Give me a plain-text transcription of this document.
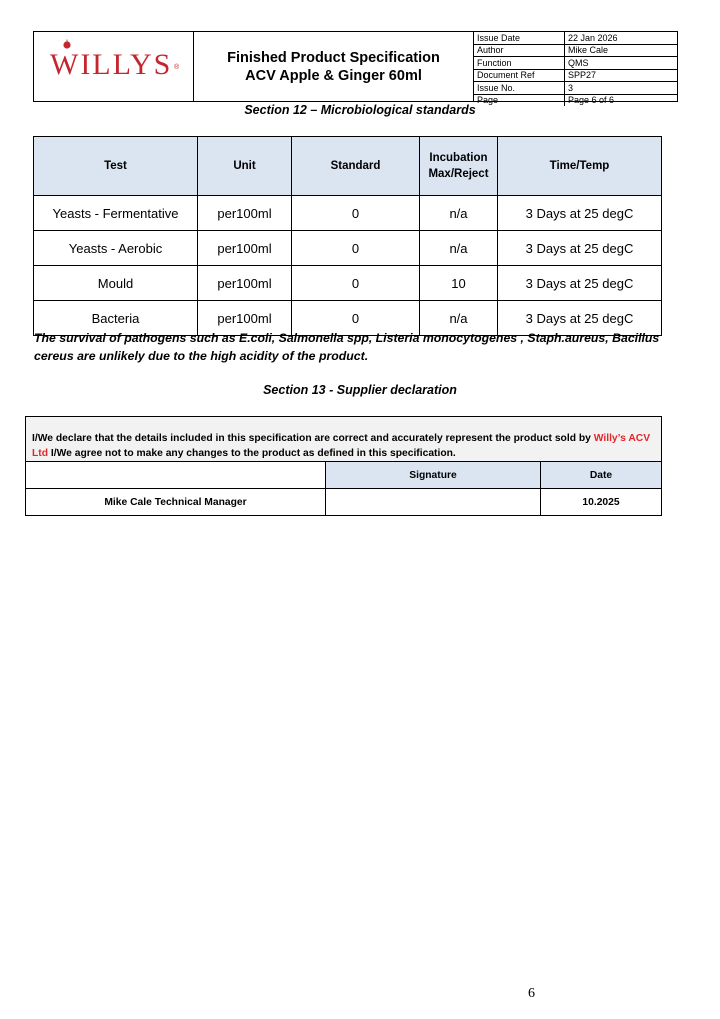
WILLYS ®
Finished Product Specification
ACV Apple & Ginger 60ml
Issue Date	22 Jan 2026
Author	Mike Cale
Function	QMS
Document Ref	SPP27
Issue No.	3
Page	Page 6 of 6
Section 12 – Microbiological standards
Test	Unit	Standard	Incubation Max/Reject	Time/Temp
Yeasts - Fermentative	per100ml	0	n/a	3 Days at 25 degC
Yeasts - Aerobic	per100ml	0	n/a	3 Days at 25 degC
Mould	per100ml	0	10	3 Days at 25 degC
Bacteria	per100ml	0	n/a	3 Days at 25 degC
The survival of pathogens such as E.coli, Salmonella spp, Listeria monocytogenes , Staph.aureus, Bacillus cereus are unlikely due to the high acidity of the product.
Section 13 - Supplier declaration
I/We declare that the details included in this specification are correct and accurately represent the product sold by Willy’s ACV Ltd I/We agree not to make any changes to the product as defined in this specification.		
	Signature	Date
Mike Cale Technical Manager		10.2025
6
